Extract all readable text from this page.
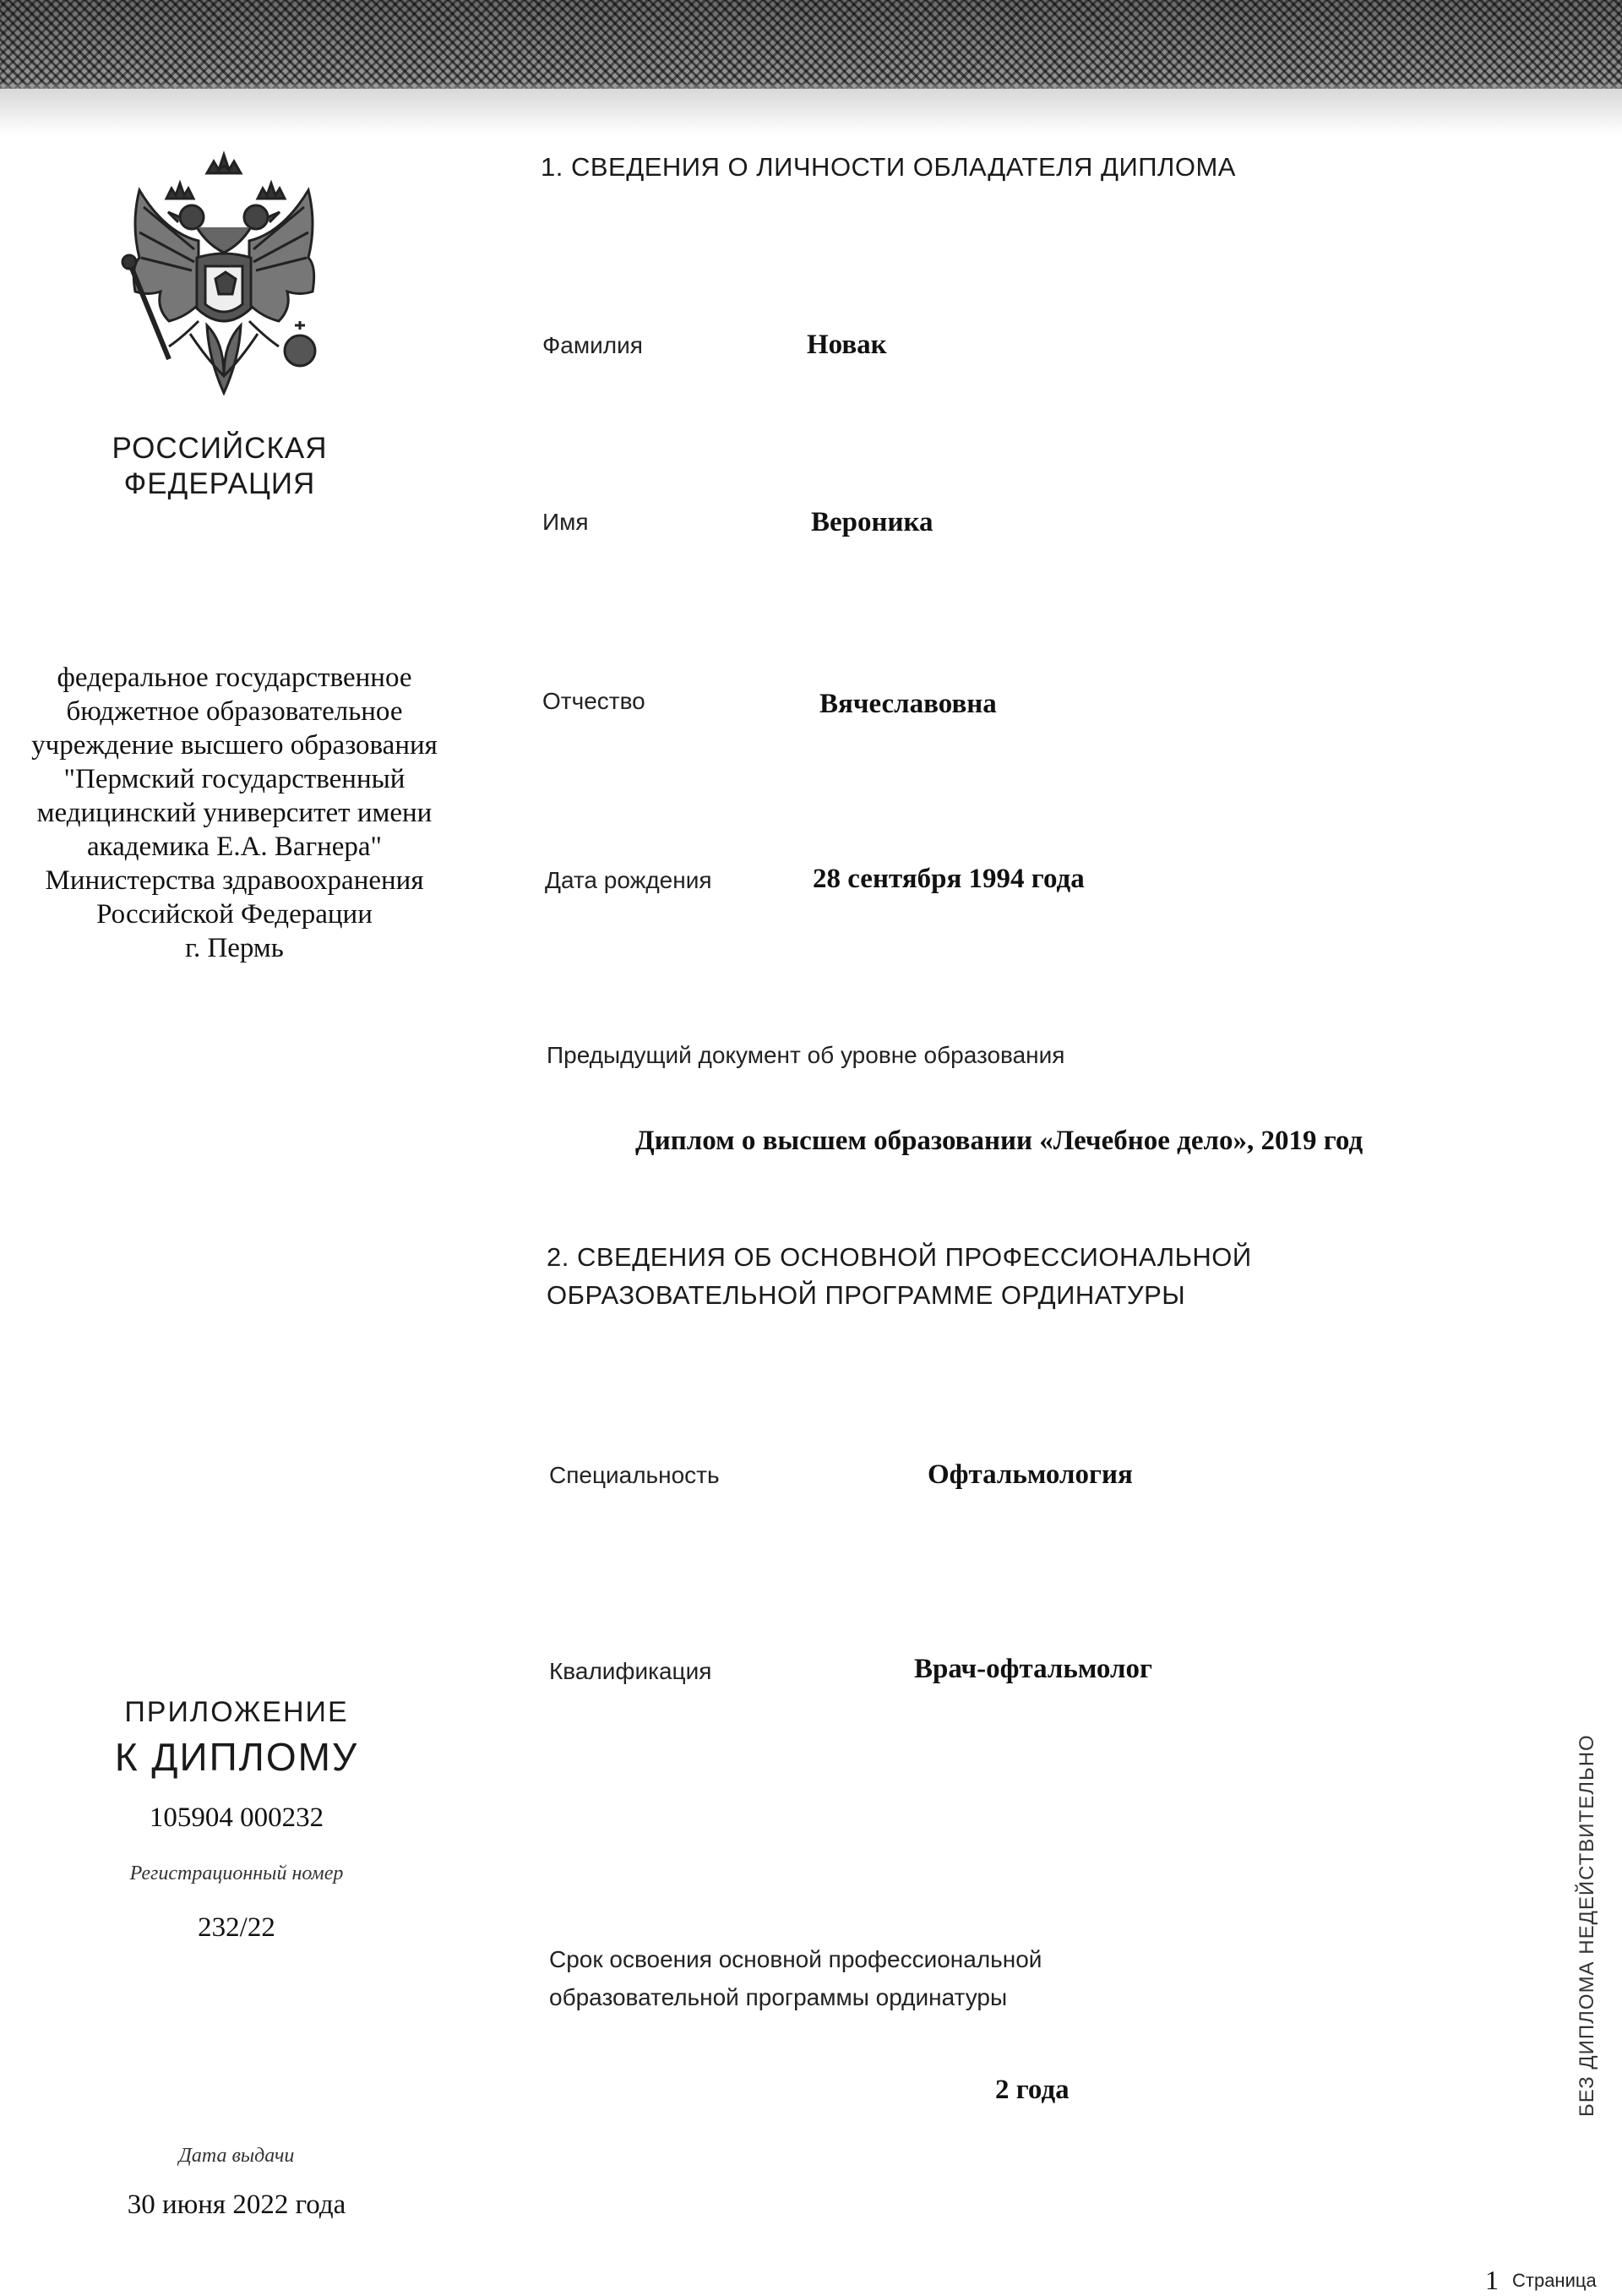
РОССИЙСКАЯ
ФЕДЕРАЦИЯ
федеральное государственное
бюджетное образовательное
учреждение высшего образования
"Пермский государственный
медицинский университет имени
академика Е.А. Вагнера"
Министерства здравоохранения
Российской Федерации
г. Пермь
1. СВЕДЕНИЯ О ЛИЧНОСТИ ОБЛАДАТЕЛЯ ДИПЛОМА
Фамилия	Новак
Имя	Вероника
Отчество	Вячеславовна
Дата рождения	28 сентября 1994 года
Предыдущий документ об уровне образования
Диплом о высшем образовании «Лечебное дело», 2019 год
2. СВЕДЕНИЯ ОБ ОСНОВНОЙ ПРОФЕССИОНАЛЬНОЙ
ОБРАЗОВАТЕЛЬНОЙ ПРОГРАММЕ ОРДИНАТУРЫ
Специальность	Офтальмология
Квалификация	Врач-офтальмолог
Срок освоения основной профессиональной
образовательной программы ординатуры
2 года
ПРИЛОЖЕНИЕ
К ДИПЛОМУ
105904 000232
Регистрационный номер
232/22
Дата выдачи
30 июня 2022 года
БЕЗ ДИПЛОМА НЕДЕЙСТВИТЕЛЬНО
1 Страница
